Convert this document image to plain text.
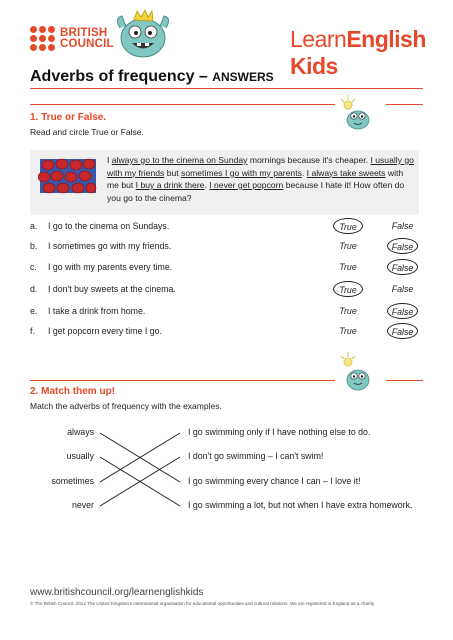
BRITISH
COUNCIL	LearnEnglish Kids
Adverbs of frequency – ANSWERS
1. True or False.
Read and circle True or False.
I always go to the cinema on Sunday mornings because it's cheaper. I usually go with my friends but sometimes I go with my parents. I always take sweets with me but I buy a drink there. I never get popcorn because I hate it! How often do you go to the cinema?
a. I go to the cinema on Sundays.	True	False
b. I sometimes go with my friends.	True	False
c. I go with my parents every time.	True	False
d. I don't buy sweets at the cinema.	True	False
e. I take a drink from home.	True	False
f. I get popcorn every time I go.	True	False
2. Match them up!
Match the adverbs of frequency with the examples.
always
usually
sometimes
never
I go swimming only if I have nothing else to do.
I don't go swimming – I can't swim!
I go swimming every chance I can – I love it!
I go swimming a lot, but not when I have extra homework.
www.britishcouncil.org/learnenglishkids
© The British Council, 2012 The United Kingdom's international organisation for educational opportunities and cultural relations. We are registered in England as a charity.
